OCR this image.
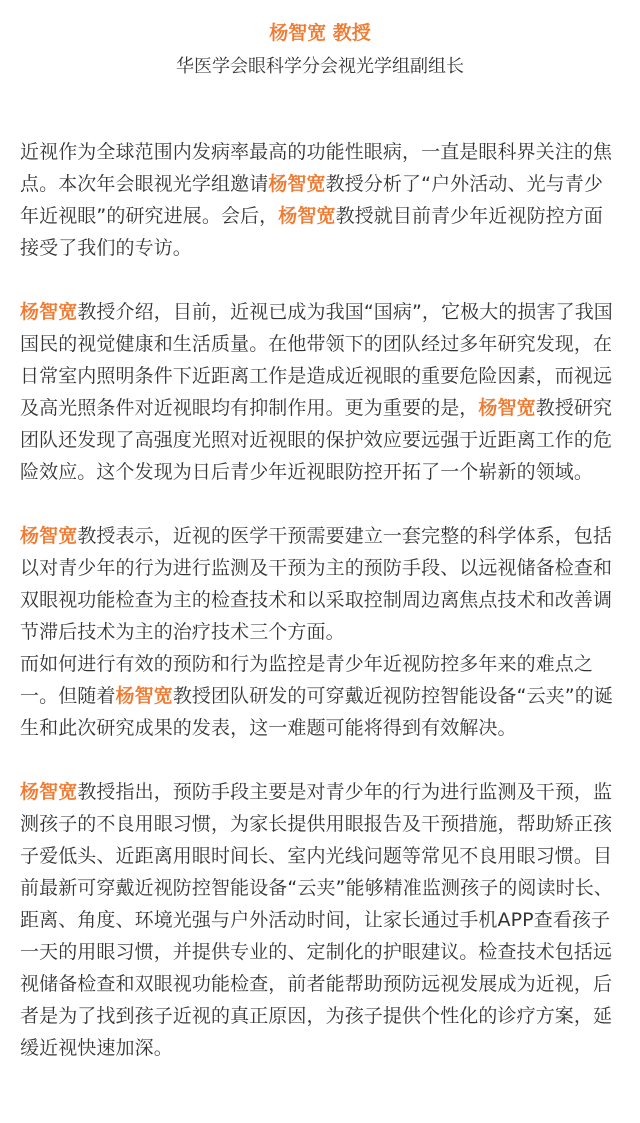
杨智宽 教授
华医学会眼科学分会视光学组副组长

近视作为全球范围内发病率最高的功能性眼病，一直是眼科界关注的焦点。本次年会眼视光学组邀请杨智宽教授分析了“户外活动、光与青少年近视眼”的研究进展。会后，杨智宽教授就目前青少年近视防控方面接受了我们的专访。

杨智宽教授介绍，目前，近视已成为我国“国病”，它极大的损害了我国国民的视觉健康和生活质量。在他带领下的团队经过多年研究发现，在日常室内照明条件下近距离工作是造成近视眼的重要危险因素，而视远及高光照条件对近视眼均有抑制作用。更为重要的是，杨智宽教授研究团队还发现了高强度光照对近视眼的保护效应要远强于近距离工作的危险效应。这个发现为日后青少年近视眼防控开拓了一个崭新的领域。

杨智宽教授表示，近视的医学干预需要建立一套完整的科学体系，包括以对青少年的行为进行监测及干预为主的预防手段、以远视储备检查和双眼视功能检查为主的检查技术和以采取控制周边离焦点技术和改善调节滞后技术为主的治疗技术三个方面。

而如何进行有效的预防和行为监控是青少年近视防控多年来的难点之一。但随着杨智宽教授团队研发的可穿戴近视防控智能设备“云夹”的诞生和此次研究成果的发表，这一难题可能将得到有效解决。

杨智宽教授指出，预防手段主要是对青少年的行为进行监测及干预，监测孩子的不良用眼习惯，为家长提供用眼报告及干预措施，帮助矫正孩子爱低头、近距离用眼时间长、室内光线问题等常见不良用眼习惯。目前最新可穿戴近视防控智能设备“云夹”能够精准监测孩子的阅读时长、距离、角度、环境光强与户外活动时间，让家长通过手机APP查看孩子一天的用眼习惯，并提供专业的、定制化的护眼建议。检查技术包括远视储备检查和双眼视功能检查，前者能帮助预防远视发展成为近视，后者是为了找到孩子近视的真正原因，为孩子提供个性化的诊疗方案，延缓近视快速加深。
